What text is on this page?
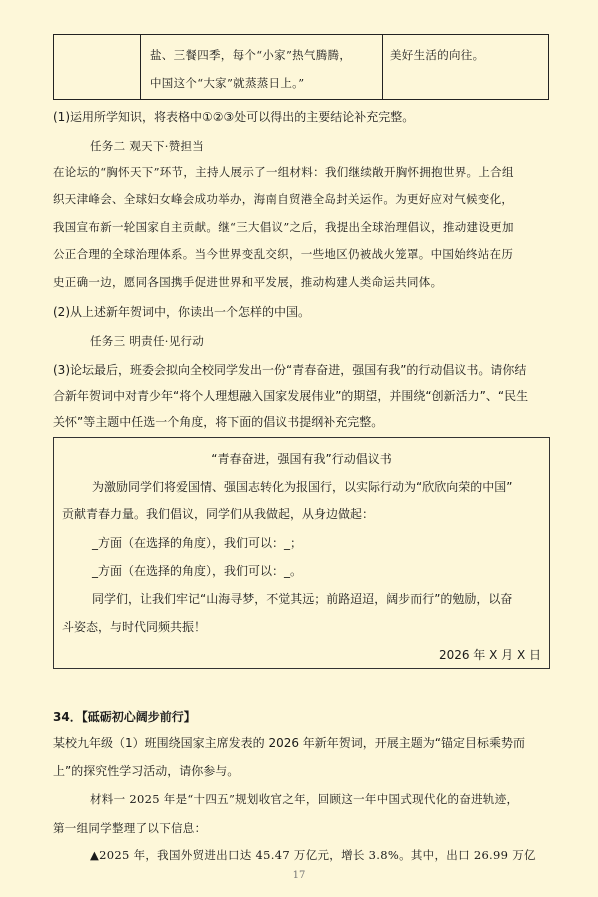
盐、三餐四季，每个“小家”热气腾腾，
中国这个“大家”就蒸蒸日上。”
美好生活的向往。
(1)运用所学知识，将表格中①②③处可以得出的主要结论补充完整。
任务二 观天下·赞担当
在论坛的“胸怀天下”环节，主持人展示了一组材料：我们继续敞开胸怀拥抱世界。上合组
织天津峰会、全球妇女峰会成功举办，海南自贸港全岛封关运作。为更好应对气候变化，
我国宣布新一轮国家自主贡献。继“三大倡议”之后，我提出全球治理倡议，推动建设更加
公正合理的全球治理体系。当今世界变乱交织，一些地区仍被战火笼罩。中国始终站在历
史正确一边，愿同各国携手促进世界和平发展，推动构建人类命运共同体。
(2)从上述新年贺词中，你读出一个怎样的中国。
任务三 明责任·见行动
(3)论坛最后，班委会拟向全校同学发出一份“青春奋进，强国有我”的行动倡议书。请你结
合新年贺词中对青少年“将个人理想融入国家发展伟业”的期望，并围绕“创新活力”、“民生
关怀”等主题中任选一个角度，将下面的倡议书提纲补充完整。
“青春奋进，强国有我”行动倡议书
为激励同学们将爱国情、强国志转化为报国行，以实际行动为“欣欣向荣的中国”
贡献青春力量。我们倡议，同学们从我做起，从身边做起：
_方面（在选择的角度），我们可以：_；
_方面（在选择的角度），我们可以：_。
同学们，让我们牢记“山海寻梦，不觉其远；前路迢迢，阔步而行”的勉励，以奋
斗姿态，与时代同频共振！
2026 年 X 月 X 日
34．【砥砺初心阔步前行】
某校九年级（1）班围绕国家主席发表的 2026 年新年贺词，开展主题为“锚定目标乘势而
上”的探究性学习活动，请你参与。
材料一 2025 年是“十四五”规划收官之年，回顾这一年中国式现代化的奋进轨迹，
第一组同学整理了以下信息：
▲2025 年，我国外贸进出口达 45.47 万亿元，增长 3.8%。其中，出口 26.99 万亿
17
